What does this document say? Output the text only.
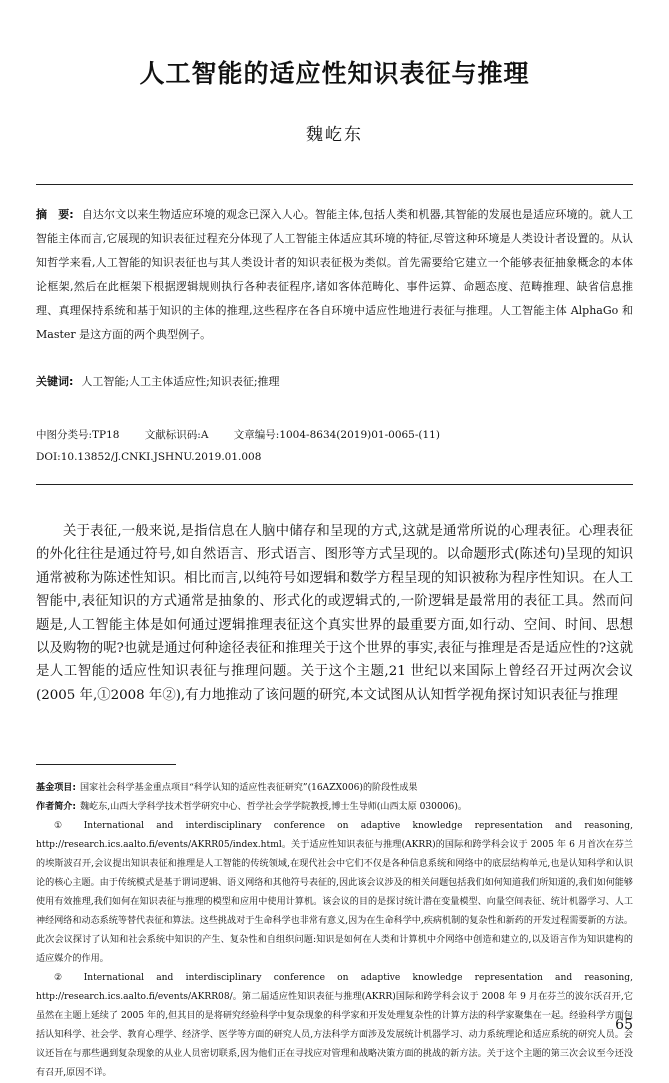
人工智能的适应性知识表征与推理
魏屹东

摘　要: 自达尔文以来生物适应环境的观念已深入人心。智能主体,包括人类和机器,其智能的发展也是适应环境的。就人工智能主体而言,它展现的知识表征过程充分体现了人工智能主体适应其环境的特征,尽管这种环境是人类设计者设置的。从认知哲学来看,人工智能的知识表征也与其人类设计者的知识表征极为类似。首先需要给它建立一个能够表征抽象概念的本体论框架,然后在此框架下根据逻辑规则执行各种表征程序,诸如客体范畴化、事件运算、命题态度、范畴推理、缺省信息推理、真理保持系统和基于知识的主体的推理,这些程序在各自环境中适应性地进行表征与推理。人工智能主体 AlphaGo 和 Master 是这方面的两个典型例子。

关键词: 人工智能;人工主体适应性;知识表征;推理

中图分类号:TP18 文献标识码:A 文章编号:1004-8634(2019)01-0065-(11)
DOI:10.13852/J.CNKI.JSHNU.2019.01.008

关于表征,一般来说,是指信息在人脑中储存和呈现的方式,这就是通常所说的心理表征。心理表征的外化往往是通过符号,如自然语言、形式语言、图形等方式呈现的。以命题形式(陈述句)呈现的知识通常被称为陈述性知识。相比而言,以纯符号如逻辑和数学方程呈现的知识被称为程序性知识。在人工智能中,表征知识的方式通常是抽象的、形式化的或逻辑式的,一阶逻辑是最常用的表征工具。然而问题是,人工智能主体是如何通过逻辑推理表征这个真实世界的最重要方面,如行动、空间、时间、思想以及购物的呢?也就是通过何种途径表征和推理关于这个世界的事实,表征与推理是否是适应性的?这就是人工智能的适应性知识表征与推理问题。关于这个主题,21 世纪以来国际上曾经召开过两次会议(2005 年,①2008 年②),有力地推动了该问题的研究,本文试图从认知哲学视角探讨知识表征与推理

基金项目: 国家社会科学基金重点项目“科学认知的适应性表征研究”(16AZX006)的阶段性成果

作者简介: 魏屹东,山西大学科学技术哲学研究中心、哲学社会学学院教授,博士生导师(山西太原 030006)。

① International and interdisciplinary conference on adaptive knowledge representation and reasoning, http://research.ics.aalto.fi/events/AKRR05/index.html。关于适应性知识表征与推理(AKRR)的国际和跨学科会议于 2005 年 6 月首次在芬兰的埃斯波召开,会议提出知识表征和推理是人工智能的传统领域,在现代社会中它们不仅是各种信息系统和网络中的底层结构单元,也是认知科学和认识论的核心主题。由于传统模式是基于谓词逻辑、语义网络和其他符号表征的,因此该会议涉及的相关问题包括我们如何知道我们所知道的,我们如何能够使用有效推理,我们如何在知识表征与推理的模型和应用中使用计算机。该会议的目的是探讨统计潜在变量模型、向量空间表征、统计机器学习、人工神经网络和动态系统等替代表征和算法。这些挑战对于生命科学也非常有意义,因为在生命科学中,疾病机制的复杂性和新药的开发过程需要新的方法。此次会议探讨了认知和社会系统中知识的产生、复杂性和自组织问题:知识是如何在人类和计算机中介网络中创造和建立的,以及语言作为知识建构的适应媒介的作用。

② International and interdisciplinary conference on adaptive knowledge representation and reasoning, http://research.ics.aalto.fi/events/AKRR08/。第二届适应性知识表征与推理(AKRR)国际和跨学科会议于 2008 年 9 月在芬兰的波尔沃召开,它虽然在主题上延续了 2005 年的,但其目的是将研究经验科学中复杂现象的科学家和开发处理复杂性的计算方法的科学家聚集在一起。经验科学方面包括认知科学、社会学、教育心理学、经济学、医学等方面的研究人员,方法科学方面涉及发展统计机器学习、动力系统理论和适应系统的研究人员。会议还旨在与那些遇到复杂现象的从业人员密切联系,因为他们正在寻找应对管理和战略决策方面的挑战的新方法。关于这个主题的第三次会议至今还没有召开,原因不详。

65
